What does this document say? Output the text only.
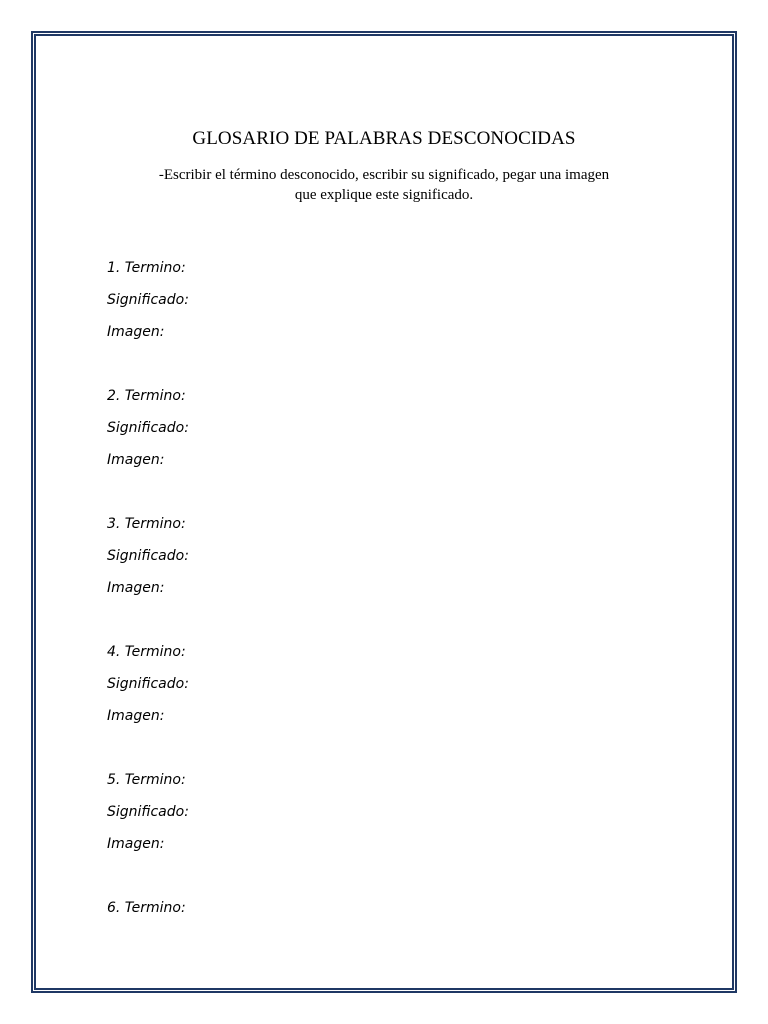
GLOSARIO DE PALABRAS DESCONOCIDAS
-Escribir el término desconocido, escribir su significado, pegar una imagen
que explique este significado.
1. Termino:
Significado:
Imagen:
2. Termino:
Significado:
Imagen:
3. Termino:
Significado:
Imagen:
4. Termino:
Significado:
Imagen:
5. Termino:
Significado:
Imagen:
6. Termino:
